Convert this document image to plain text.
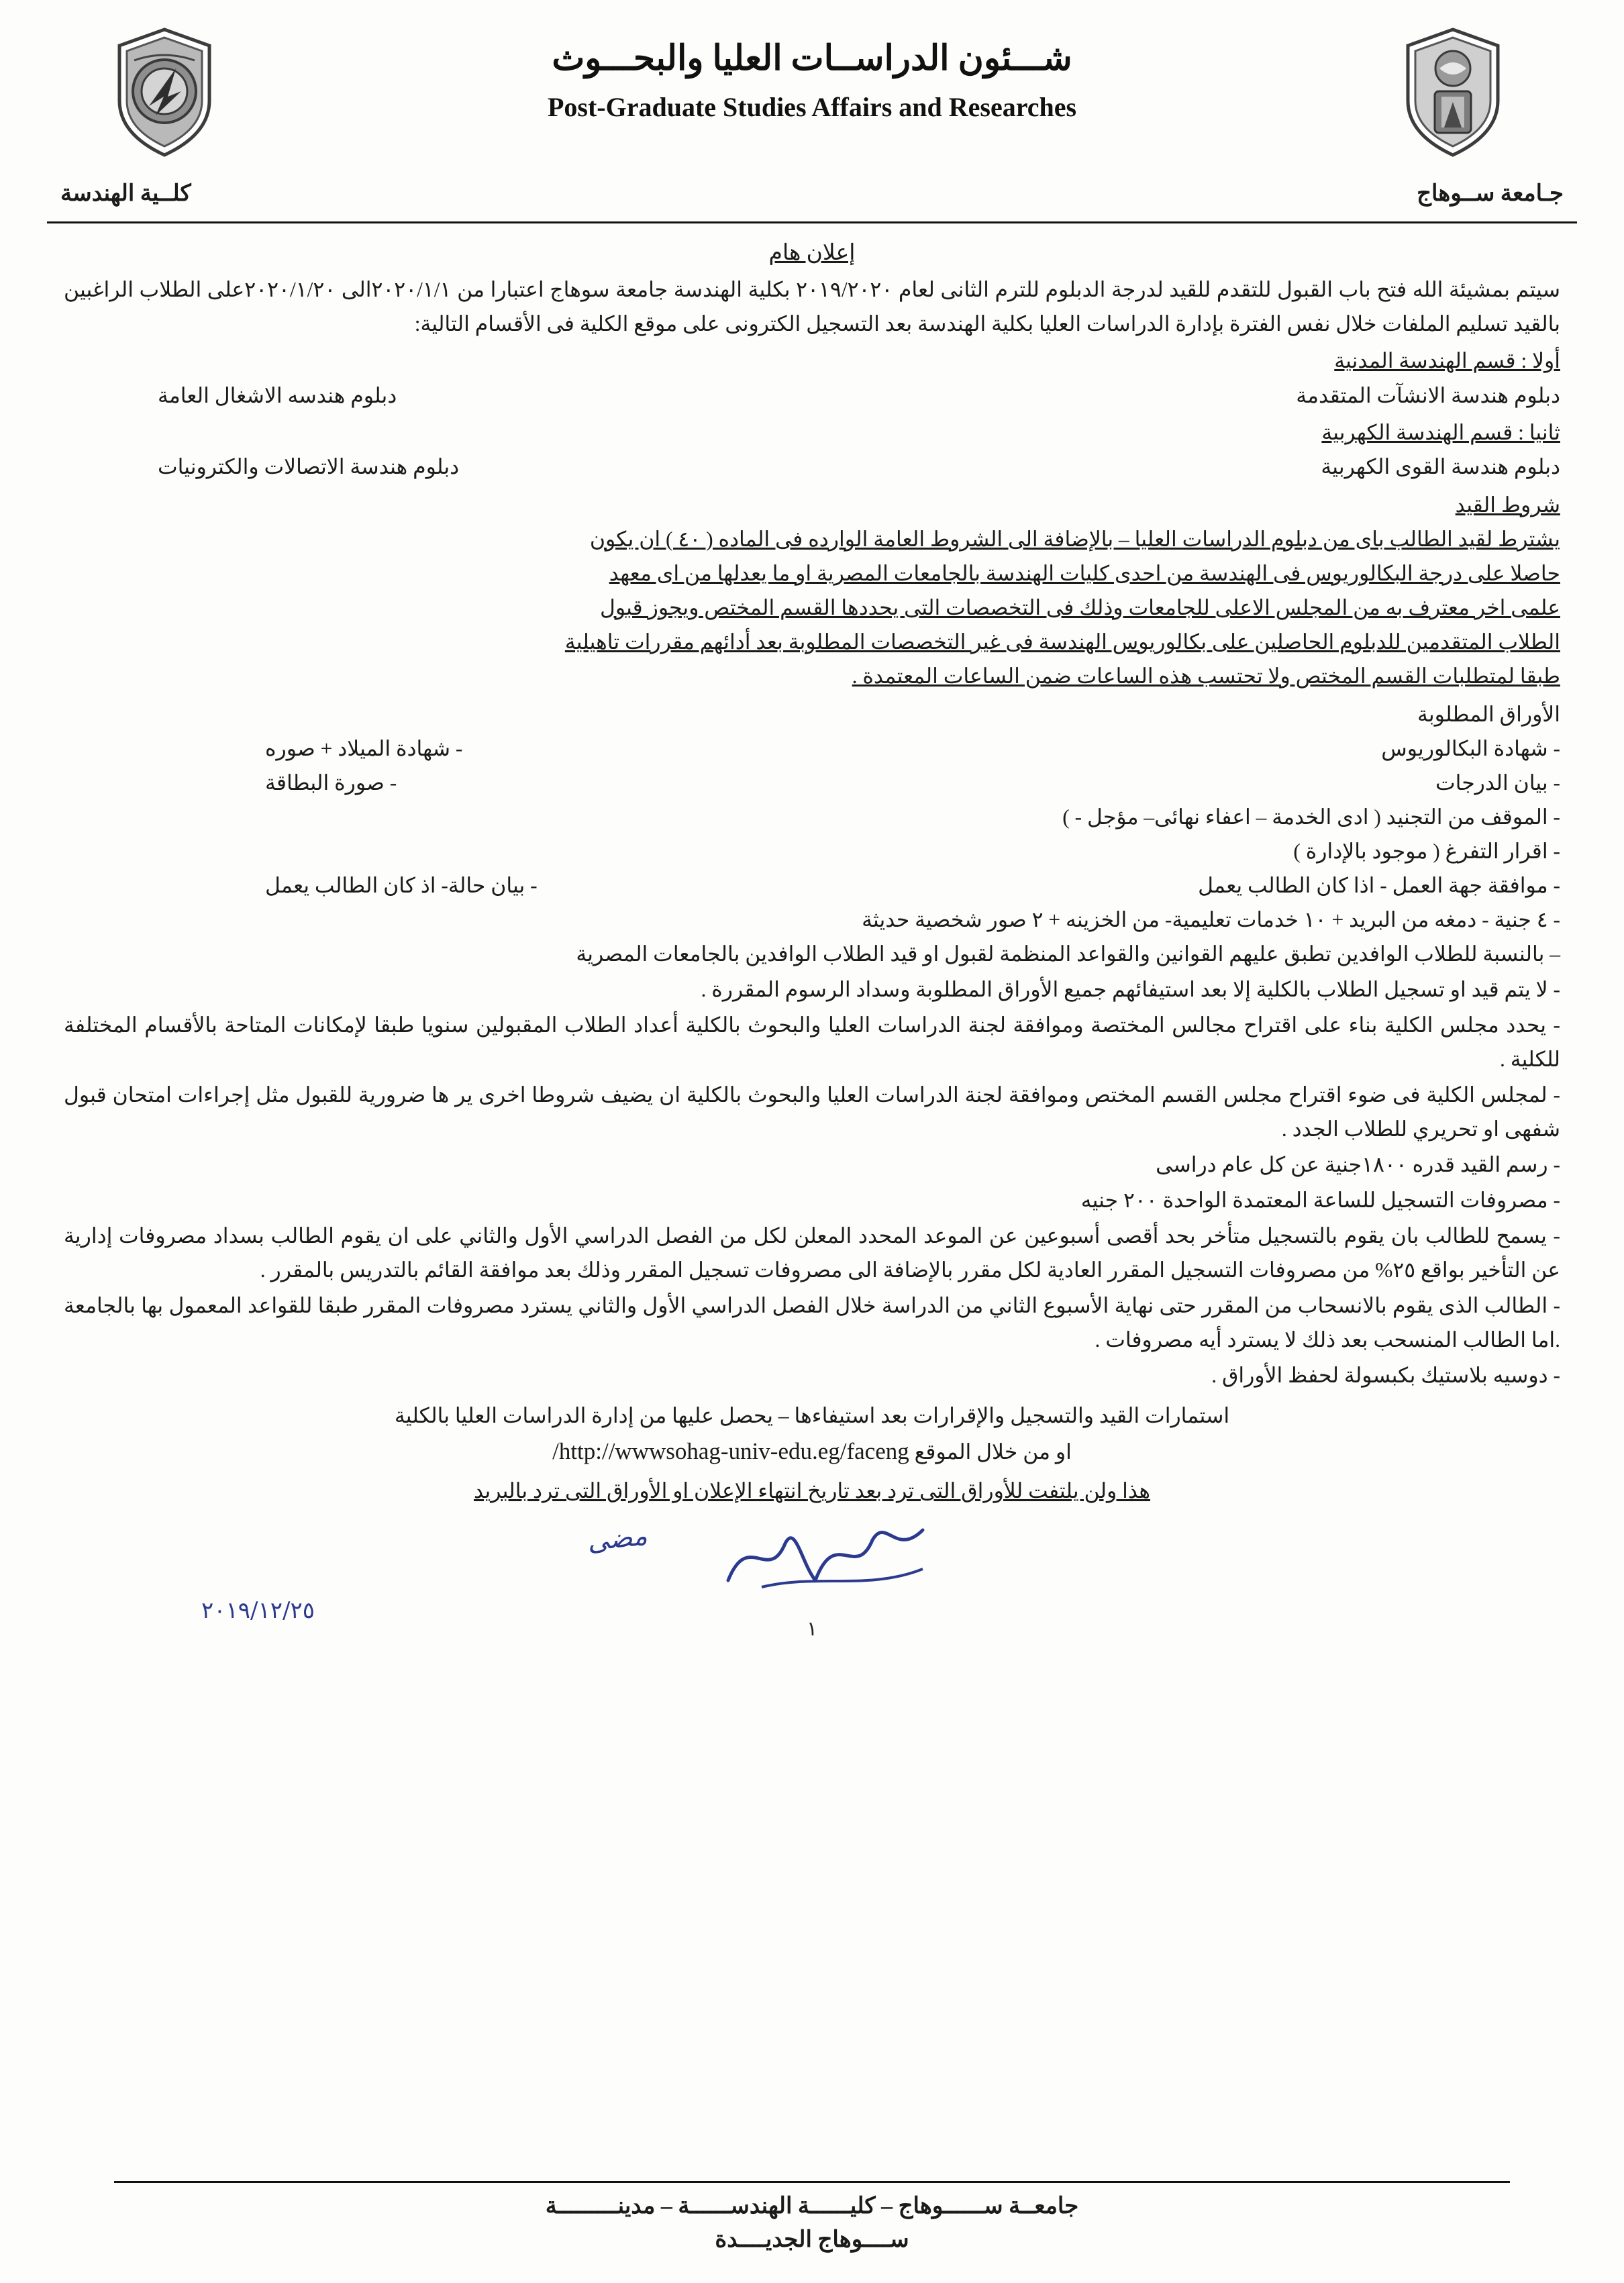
شـــئون الدراســات العليا والبحـــوث
Post-Graduate Studies Affairs and Researches
جـامعة ســوهاج
كلــية الهندسة
إعلان هام

سيتم بمشيئة الله فتح باب القبول للتقدم للقيد لدرجة الدبلوم للترم الثانى لعام ٢٠١٩/٢٠٢٠ بكلية الهندسة جامعة سوهاج اعتبارا من ٢٠٢٠/١/١الى ٢٠٢٠/١/٢٠على الطلاب الراغبين بالقيد تسليم الملفات خلال نفس الفترة بإدارة الدراسات العليا بكلية الهندسة بعد التسجيل الكترونى على موقع الكلية فى الأقسام التالية:

أولا : قسم الهندسة المدنية

دبلوم هندسة الانشآت المتقدمة
دبلوم هندسه الاشغال العامة

ثانيا : قسم الهندسة الكهربية

دبلوم هندسة القوى الكهربية
دبلوم هندسة الاتصالات والكترونيات

شروط القيد

يشترط لقيد الطالب باى من دبلوم الدراسات العليا – بالإضافة الى الشروط العامة الوارده فى الماده ( ٤٠ ) ان يكون

حاصلا على درجة البكالوريوس فى الهندسة من احدى كليات الهندسة بالجامعات المصرية او ما يعدلها من اى معهد

علمى اخر معترف به من المجلس الاعلى للجامعات وذلك فى التخصصات التى يحددها القسم المختص ويجوز قبول

الطلاب المتقدمين للدبلوم الحاصلين على بكالوريوس الهندسة فى غير التخصصات المطلوبة بعد أدائهم مقررات تاهيلية

طبقا لمتطلبات القسم المختص ولا تحتسب هذه الساعات ضمن الساعات المعتمدة .

الأوراق المطلوبة

- شهادة البكالوريوس
- شهادة الميلاد + صوره
- بيان الدرجات
- صورة البطاقة

- الموقف من التجنيد ( ادى الخدمة – اعفاء نهائى– مؤجل - )

- اقرار التفرغ ( موجود بالإدارة )

- موافقة جهة العمل - اذا كان الطالب يعمل
- بيان حالة- اذ كان الطالب يعمل

- ٤ جنية - دمغه من البريد + ١٠ خدمات تعليمية- من الخزينه + ٢ صور شخصية حديثة

– بالنسبة للطلاب الوافدين تطبق عليهم القوانين والقواعد المنظمة لقبول او قيد الطلاب الوافدين بالجامعات المصرية

- لا يتم قيد او تسجيل الطلاب بالكلية إلا بعد استيفائهم جميع الأوراق المطلوبة وسداد الرسوم المقررة .

- يحدد مجلس الكلية بناء على اقتراح مجالس المختصة وموافقة لجنة الدراسات العليا والبحوث بالكلية أعداد الطلاب المقبولين سنويا طبقا لإمكانات المتاحة بالأقسام المختلفة للكلية .

- لمجلس الكلية فى ضوء اقتراح مجلس القسم المختص وموافقة لجنة الدراسات العليا والبحوث بالكلية ان يضيف شروطا اخرى ير ها ضرورية للقبول مثل إجراءات امتحان قبول شفهى او تحريري للطلاب الجدد .

- رسم القيد قدره ١٨٠٠جنية عن كل عام دراسى

- مصروفات التسجيل للساعة المعتمدة الواحدة ٢٠٠ جنيه

- يسمح للطالب بان يقوم بالتسجيل متأخر بحد أقصى أسبوعين عن الموعد المحدد المعلن لكل من الفصل الدراسي الأول والثاني على ان يقوم الطالب بسداد مصروفات إدارية عن التأخير بواقع ٢٥% من مصروفات التسجيل المقرر العادية لكل مقرر بالإضافة الى مصروفات تسجيل المقرر وذلك بعد موافقة القائم بالتدريس بالمقرر .

- الطالب الذى يقوم بالانسحاب من المقرر حتى نهاية الأسبوع الثاني من الدراسة خلال الفصل الدراسي الأول والثاني يسترد مصروفات المقرر طبقا للقواعد المعمول بها بالجامعة .اما الطالب المنسحب بعد ذلك لا يسترد أيه مصروفات .

- دوسيه بلاستيك بكبسولة لحفظ الأوراق .

استمارات القيد والتسجيل والإقرارات بعد استيفاءها – يحصل عليها من إدارة الدراسات العليا بالكلية
او من خلال الموقع http://wwwsohag-univ-edu.eg/faceng/
هذا ولن يلتفت للأوراق التى ترد بعد تاريخ انتهاء الإعلان او الأوراق التى ترد بالبريد
مضى
٢٠١٩/١٢/٢٥
١
جامعــة ســــــوهاج – كليــــــة الهندســــــة – مدينـــــــــة
ســــوهاج الجديــــدة
